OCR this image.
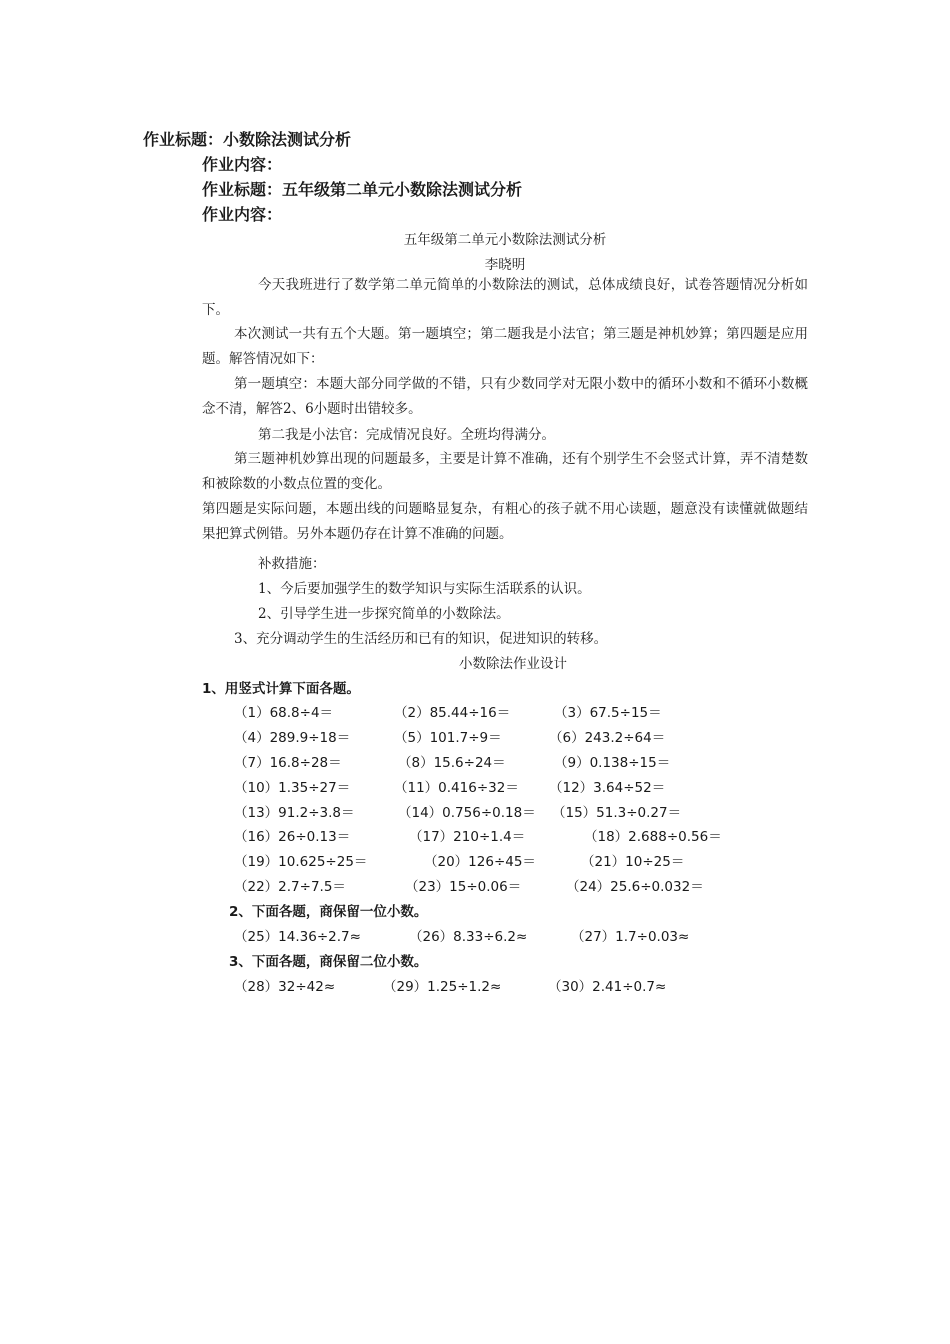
作业标题：小数除法测试分析
作业内容：
作业标题：五年级第二单元小数除法测试分析
作业内容：
五年级第二单元小数除法测试分析
李晓明
今天我班进行了数学第二单元简单的小数除法的测试，总体成绩良好，试卷答题情况分析如下。
本次测试一共有五个大题。第一题填空；第二题我是小法官；第三题是神机妙算；第四题是应用题。解答情况如下：
第一题填空：本题大部分同学做的不错，只有少数同学对无限小数中的循环小数和不循环小数概念不清，解答2、6小题时出错较多。
第二我是小法官：完成情况良好。全班均得满分。
第三题神机妙算出现的问题最多，主要是计算不准确，还有个别学生不会竖式计算，弄不清楚数和被除数的小数点位置的变化。
第四题是实际问题，本题出线的问题略显复杂，有粗心的孩子就不用心读题，题意没有读懂就做题结果把算式例错。另外本题仍存在计算不准确的问题。
补救措施：
1、今后要加强学生的数学知识与实际生活联系的认识。
2、引导学生进一步探究简单的小数除法。
3、充分调动学生的生活经历和已有的知识，促进知识的转移。
小数除法作业设计
1、用竖式计算下面各题。
（1）68.8÷4＝	（2）85.44÷16＝	（3）67.5÷15＝
（4）289.9÷18＝	（5）101.7÷9＝	（6）243.2÷64＝
（7）16.8÷28＝	（8）15.6÷24＝	（9）0.138÷15＝
（10）1.35÷27＝	（11）0.416÷32＝ （12）3.64÷52＝
（13）91.2÷3.8＝	（14）0.756÷0.18＝ （15）51.3÷0.27＝
（16）26÷0.13＝	（17）210÷1.4＝	（18）2.688÷0.56＝
（19）10.625÷25＝	（20）126÷45＝	（21）10÷25＝
（22）2.7÷7.5＝	（23）15÷0.06＝	（24）25.6÷0.032＝
2、下面各题，商保留一位小数。
（25）14.36÷2.7≈	（26）8.33÷6.2≈	（27）1.7÷0.03≈
3、下面各题，商保留二位小数。
（28）32÷42≈	（29）1.25÷1.2≈	（30）2.41÷0.7≈
